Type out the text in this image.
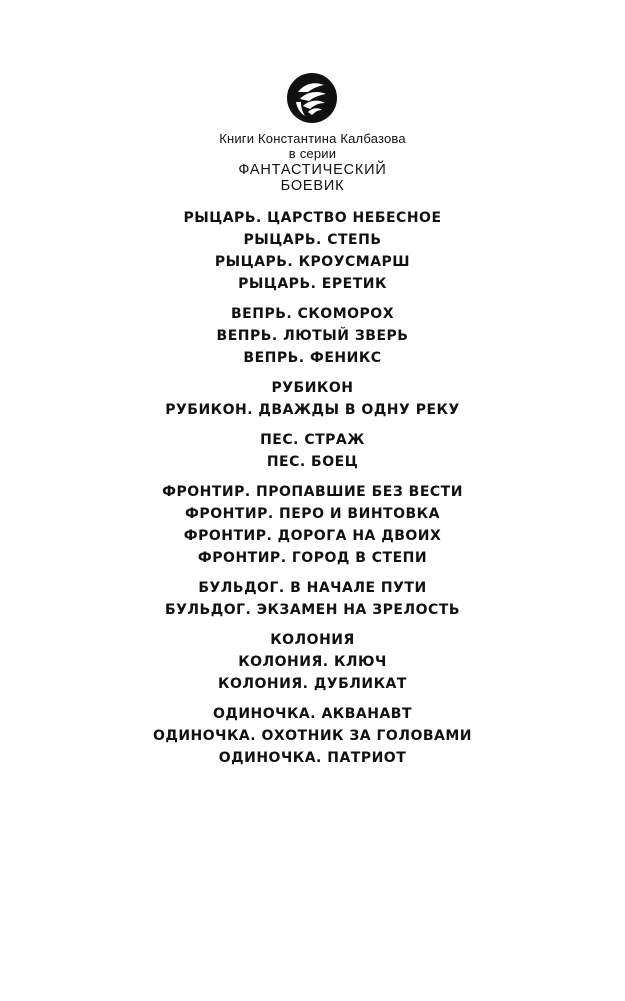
Книги Константина Калбазова
в серии
ФАНТАСТИЧЕСКИЙ
БОЕВИК
РЫЦАРЬ. ЦАРСТВО НЕБЕСНОЕ
РЫЦАРЬ. СТЕПЬ
РЫЦАРЬ. КРОУСМАРШ
РЫЦАРЬ. ЕРЕТИК
ВЕПРЬ. СКОМОРОХ
ВЕПРЬ. ЛЮТЫЙ ЗВЕРЬ
ВЕПРЬ. ФЕНИКС
РУБИКОН
РУБИКОН. ДВАЖДЫ В ОДНУ РЕКУ
ПЕС. СТРАЖ
ПЕС. БОЕЦ
ФРОНТИР. ПРОПАВШИЕ БЕЗ ВЕСТИ
ФРОНТИР. ПЕРО И ВИНТОВКА
ФРОНТИР. ДОРОГА НА ДВОИХ
ФРОНТИР. ГОРОД В СТЕПИ
БУЛЬДОГ. В НАЧАЛЕ ПУТИ
БУЛЬДОГ. ЭКЗАМЕН НА ЗРЕЛОСТЬ
КОЛОНИЯ
КОЛОНИЯ. КЛЮЧ
КОЛОНИЯ. ДУБЛИКАТ
ОДИНОЧКА. АКВАНАВТ
ОДИНОЧКА. ОХОТНИК ЗА ГОЛОВАМИ
ОДИНОЧКА. ПАТРИОТ
